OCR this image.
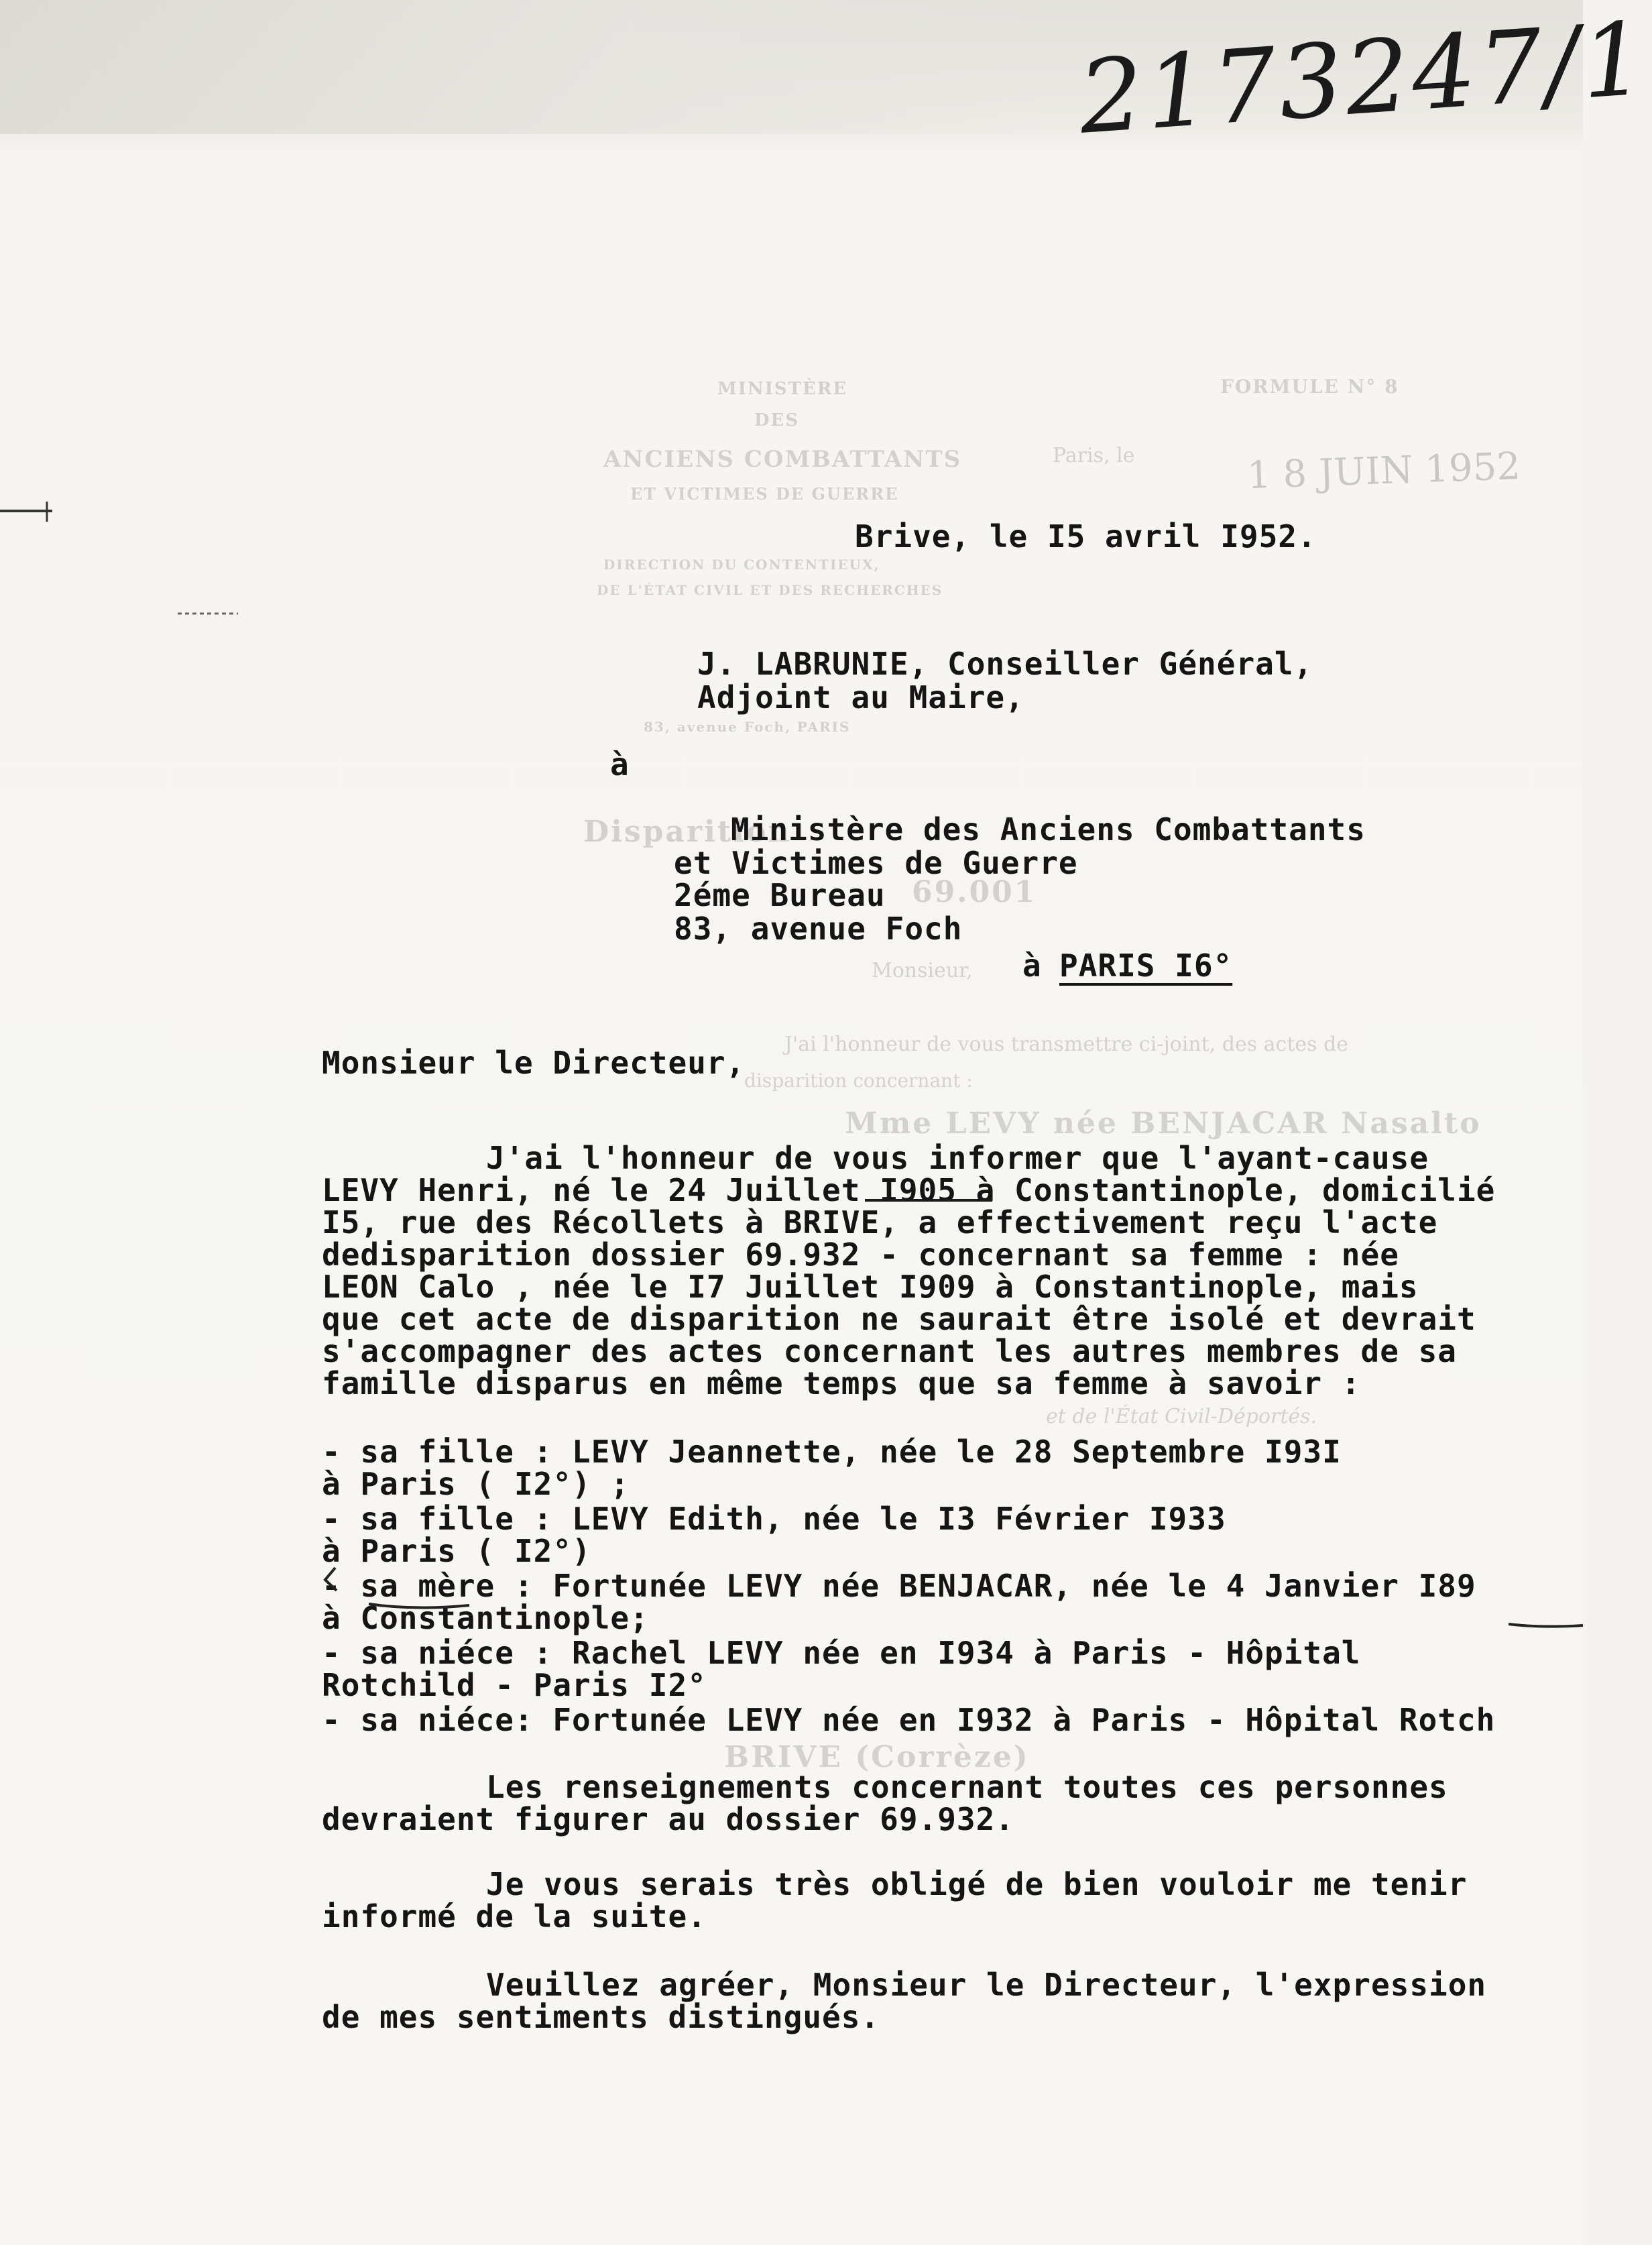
2173247/1
MINISTÈRE
DES
ANCIENS COMBATTANTS
ET VICTIMES DE GUERRE
DIRECTION DU CONTENTIEUX,
DE L'ÉTAT CIVIL ET DES RECHERCHES
83, avenue Foch, PARIS
FORMULE N° 8
Paris, le	1 8 JUIN 1952
Disparition
69.001
Monsieur,
J'ai l'honneur de vous transmettre ci-joint, des actes de
disparition concernant :
Mme LEVY née BENJACAR Nasalto
et de l'État Civil-Déportés.
BRIVE (Corrèze)
Brive, le I5 avril I952.
J. LABRUNIE, Conseiller Général,
Adjoint au Maire,
à
Ministère des Anciens Combattants
et Victimes de Guerre
2éme Bureau
83, avenue Foch
à PARIS I6°
Monsieur le Directeur,
J'ai l'honneur de vous informer que l'ayant-cause
LEVY Henri, né le 24 Juillet I905 à Constantinople, domicilié
I5, rue des Récollets à BRIVE, a effectivement reçu l'acte
dedisparition dossier 69.932 - concernant sa femme : née
LEON Calo , née le I7 Juillet I909 à Constantinople, mais
que cet acte de disparition ne saurait être isolé et devrait
s'accompagner des actes concernant les autres membres de sa
famille disparus en même temps que sa femme à savoir :
- sa fille : LEVY Jeannette, née le 28 Septembre I93I
à Paris ( I2°) ;
- sa fille : LEVY Edith, née le I3 Février I933
à Paris ( I2°)
- sa mère : Fortunée LEVY née BENJACAR, née le 4 Janvier I89
à Constantinople;
- sa niéce : Rachel LEVY née en I934 à Paris - Hôpital
Rotchild - Paris I2°
- sa niéce: Fortunée LEVY née en I932 à Paris - Hôpital Rotch
Les renseignements concernant toutes ces personnes
devraient figurer au dossier 69.932.
Je vous serais très obligé de bien vouloir me tenir
informé de la suite.
Veuillez agréer, Monsieur le Directeur, l'expression
de mes sentiments distingués.
